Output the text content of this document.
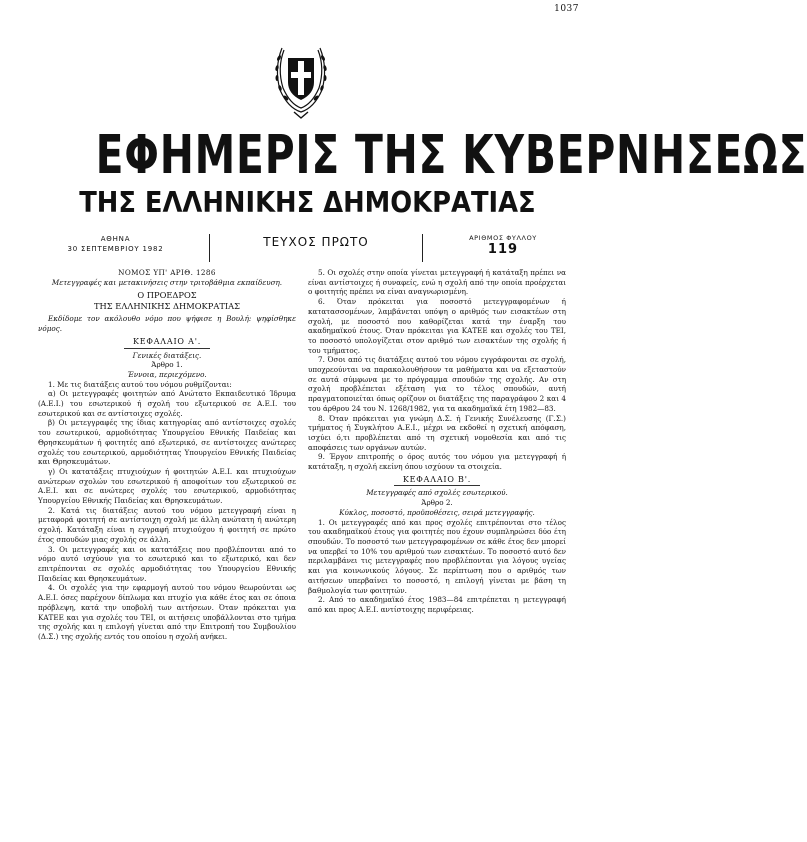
1037
ΕΦΗΜΕΡΙΣ ΤΗΣ ΚΥΒΕΡΝΗΣΕΩΣ
ΤΗΣ ΕΛΛΗΝΙΚΗΣ ΔΗΜΟΚΡΑΤΙΑΣ
ΑΘΗΝΑ
30 ΣΕΠΤΕΜΒΡΙΟΥ 1982	ΤΕΥΧΟΣ ΠΡΩΤΟ	ΑΡΙΘΜΟΣ ΦΥΛΛΟΥ
119

ΝΟΜΟΣ ΥΠ' ΑΡΙΘ. 1286

Μετεγγραφές και μετακινήσεις στην τριτοβάθμια εκπαίδευση.

Ο ΠΡΟΕΔΡΟΣ

ΤΗΣ ΕΛΛΗΝΙΚΗΣ ΔΗΜΟΚΡΑΤΙΑΣ

Εκδίδομε τον ακόλουθο νόμο που ψήφισε η Βουλή: ψηφίσθηκε νόμος.

ΚΕΦΑΛΑΙΟ Α'.

Γενικές διατάξεις.

Άρθρο 1.

Έννοια, περιεχόμενο.

1. Με τις διατάξεις αυτού του νόμου ρυθμίζονται:

α) Οι μετεγγραφές φοιτητών από Ανώτατο Εκπαιδευτικό Ίδρυμα (Α.Ε.Ι.) του εσωτερικού ή σχολή του εξωτερικού σε Α.Ε.Ι. του εσωτερικού και σε αντίστοιχες σχολές.

β) Οι μετεγγραφές της ίδιας κατηγορίας από αντίστοιχες σχολές του εσωτερικού, αρμοδιότητας Υπουργείου Εθνικής Παιδείας και Θρησκευμάτων ή φοιτητές από εξωτερικό, σε αντίστοιχες ανώτερες σχολές του εσωτερικού, αρμοδιότητας Υπουργείου Εθνικής Παιδείας και Θρησκευμάτων.

γ) Οι κατατάξεις πτυχιούχων ή φοιτητών Α.Ε.Ι. και πτυχιούχων ανώτερων σχολών του εσωτερικού ή αποφοίτων του εξωτερικού σε Α.Ε.Ι. και σε ανώτερες σχολές του εσωτερικού, αρμοδιότητας Υπουργείου Εθνικής Παιδείας και Θρησκευμάτων.

2. Κατά τις διατάξεις αυτού του νόμου μετεγγραφή είναι η μεταφορά φοιτητή σε αντίστοιχη σχολή με άλλη ανώτατη ή ανώτερη σχολή. Κατάταξη είναι η εγγραφή πτυχιούχου ή φοιτητή σε πρώτο έτος σπουδών μιας σχολής σε άλλη.

3. Οι μετεγγραφές και οι κατατάξεις που προβλέπονται από το νόμο αυτό ισχύουν για το εσωτερικό και το εξωτερικό, και δεν επιτρέπονται σε σχολές αρμοδιότητας του Υπουργείου Εθνικής Παιδείας και Θρησκευμάτων.

4. Οι σχολές για την εφαρμογή αυτού του νόμου θεωρούνται ως Α.Ε.Ι. όσες παρέχουν δίπλωμα και πτυχίο για κάθε έτος και σε όποια πρόβλεψη, κατά την υποβολή των αιτήσεων. Όταν πρόκειται για ΚΑΤΕΕ και για σχολές του ΤΕΙ, οι αιτήσεις υποβάλλονται στο τμήμα της σχολής και η επιλογή γίνεται από την Επιτροπή του Συμβουλίου (Δ.Σ.) της σχολής εντός του οποίου η σχολή ανήκει.

5. Οι σχολές στην οποία γίνεται μετεγγραφή ή κατάταξη πρέπει να είναι αντίστοιχες ή συναφείς, ενώ η σχολή από την οποία προέρχεται ο φοιτητής πρέπει να είναι αναγνωρισμένη.

6. Όταν πρόκειται για ποσοστό μετεγγραφομένων ή κατατασσομένων, λαμβάνεται υπόψη ο αριθμός των εισακτέων στη σχολή, με ποσοστό που καθορίζεται κατά την έναρξη του ακαδημαϊκού έτους. Όταν πρόκειται για ΚΑΤΕΕ και σχολές του ΤΕΙ, το ποσοστό υπολογίζεται στον αριθμό των εισακτέων της σχολής ή του τμήματος.

7. Όσοι από τις διατάξεις αυτού του νόμου εγγράφονται σε σχολή, υποχρεούνται να παρακολουθήσουν τα μαθήματα και να εξεταστούν σε αυτά σύμφωνα με το πρόγραμμα σπουδών της σχολής. Αν στη σχολή προβλέπεται εξέταση για το τέλος σπουδών, αυτή πραγματοποιείται όπως ορίζουν οι διατάξεις της παραγράφου 2 και 4 του άρθρου 24 του Ν. 1268/1982, για τα ακαδημαϊκά έτη 1982—83.

8. Όταν πρόκειται για γνώμη Δ.Σ. ή Γενικής Συνέλευσης (Γ.Σ.) τμήματος ή Συγκλήτου Α.Ε.Ι., μέχρι να εκδοθεί η σχετική απόφαση, ισχύει ό,τι προβλέπεται από τη σχετική νομοθεσία και από τις αποφάσεις των οργάνων αυτών.

9. Έργον επιτροπής ο όρος αυτός του νόμου για μετεγγραφή ή κατάταξη, η σχολή εκείνη όπου ισχύουν τα στοιχεία.

ΚΕΦΑΛΑΙΟ Β'.

Μετεγγραφές από σχολές εσωτερικού.

Άρθρο 2.

Κύκλος, ποσοστό, προϋποθέσεις, σειρά μετεγγραφής.

1. Οι μετεγγραφές από και προς σχολές επιτρέπονται στο τέλος του ακαδημαϊκού έτους για φοιτητές που έχουν συμπληρώσει δύο έτη σπουδών. Το ποσοστό των μετεγγραφομένων σε κάθε έτος δεν μπορεί να υπερβεί το 10% του αριθμού των εισακτέων. Το ποσοστό αυτό δεν περιλαμβάνει τις μετεγγραφές που προβλέπονται για λόγους υγείας και για κοινωνικούς λόγους. Σε περίπτωση που ο αριθμός των αιτήσεων υπερβαίνει το ποσοστό, η επιλογή γίνεται με βάση τη βαθμολογία των φοιτητών.

2. Από το ακαδημαϊκό έτος 1983—84 επιτρέπεται η μετεγγραφή από και προς Α.Ε.Ι. αντίστοιχης περιφέρειας.
